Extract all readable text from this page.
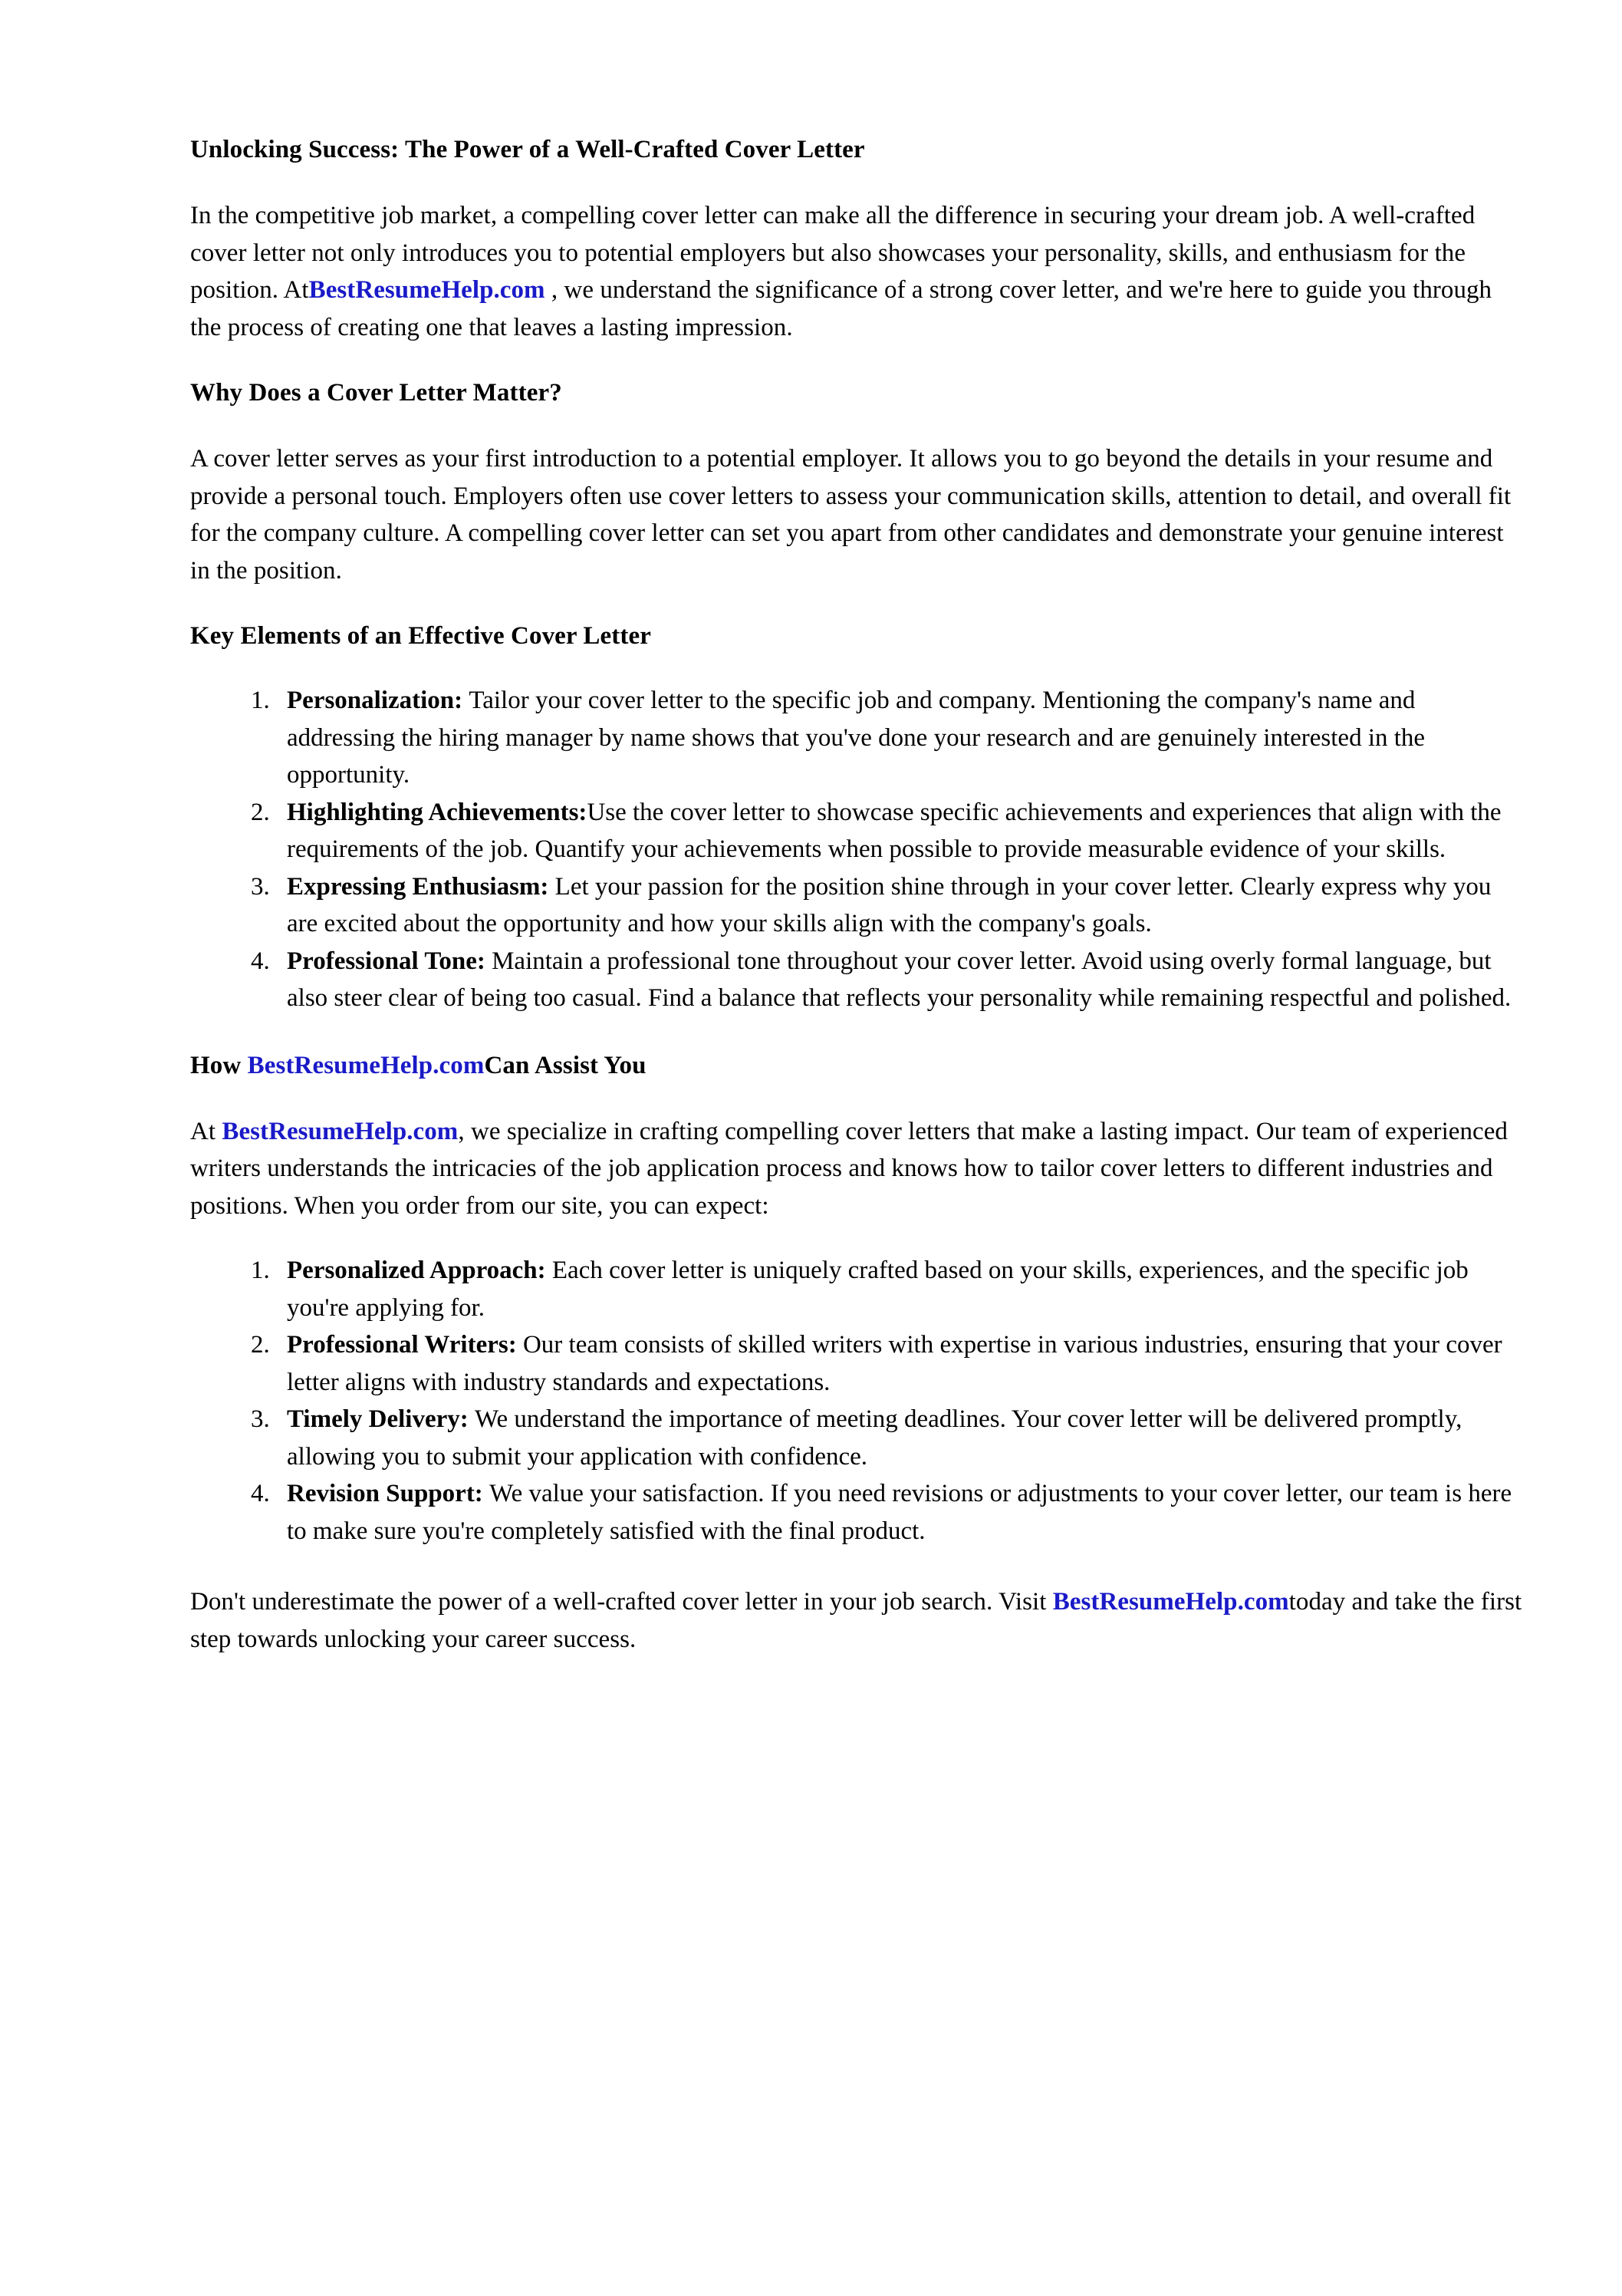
Unlocking Success: The Power of a Well-Crafted Cover Letter

In the competitive job market, a compelling cover letter can make all the difference in securing your dream job. A well-crafted cover letter not only introduces you to potential employers but also showcases your personality, skills, and enthusiasm for the position. AtBestResumeHelp.com , we understand the significance of a strong cover letter, and we're here to guide you through the process of creating one that leaves a lasting impression.

Why Does a Cover Letter Matter?

A cover letter serves as your first introduction to a potential employer. It allows you to go beyond the details in your resume and provide a personal touch. Employers often use cover letters to assess your communication skills, attention to detail, and overall fit for the company culture. A compelling cover letter can set you apart from other candidates and demonstrate your genuine interest in the position.

Key Elements of an Effective Cover Letter
1. Personalization: Tailor your cover letter to the specific job and company. Mentioning the company's name and addressing the hiring manager by name shows that you've done your research and are genuinely interested in the opportunity.
2. Highlighting Achievements:Use the cover letter to showcase specific achievements and experiences that align with the requirements of the job. Quantify your achievements when possible to provide measurable evidence of your skills.
3. Expressing Enthusiasm: Let your passion for the position shine through in your cover letter. Clearly express why you are excited about the opportunity and how your skills align with the company's goals.
4. Professional Tone: Maintain a professional tone throughout your cover letter. Avoid using overly formal language, but also steer clear of being too casual. Find a balance that reflects your personality while remaining respectful and polished.
How BestResumeHelp.comCan Assist You

At BestResumeHelp.com, we specialize in crafting compelling cover letters that make a lasting impact. Our team of experienced writers understands the intricacies of the job application process and knows how to tailor cover letters to different industries and positions. When you order from our site, you can expect:

1. Personalized Approach: Each cover letter is uniquely crafted based on your skills, experiences, and the specific job you're applying for.
2. Professional Writers: Our team consists of skilled writers with expertise in various industries, ensuring that your cover letter aligns with industry standards and expectations.
3. Timely Delivery: We understand the importance of meeting deadlines. Your cover letter will be delivered promptly, allowing you to submit your application with confidence.
4. Revision Support: We value your satisfaction. If you need revisions or adjustments to your cover letter, our team is here to make sure you're completely satisfied with the final product.

Don't underestimate the power of a well-crafted cover letter in your job search. Visit BestResumeHelp.comtoday and take the first step towards unlocking your career success.
